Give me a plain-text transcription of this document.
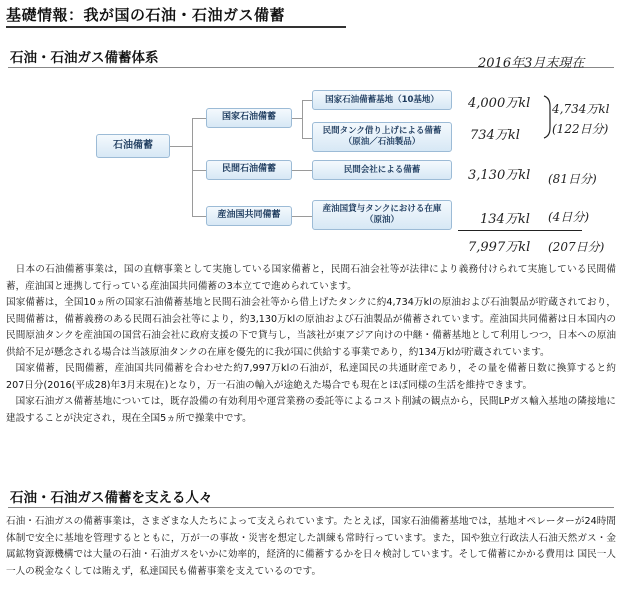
基礎情報：我が国の石油・石油ガス備蓄
石油・石油ガス備蓄体系	2016年3月末現在
石油備蓄
国家石油備蓄
民間石油備蓄
産油国共同備蓄
国家石油備蓄基地（10基地）
民間タンク借り上げによる備蓄
（原油／石油製品）
民間会社による備蓄
産油国貸与タンクにおける在庫
（原油）
4,000万kl
734万kl
4,734万kl
(122日分)
3,130万kl (81日分)
134万kl (4日分)
7,997万kl (207日分)

日本の石油備蓄事業は，国の直轄事業として実施している国家備蓄と，民間石油会社等が法律により義務付けられて実施している民間備蓄，産油国と連携して行っている産油国共同備蓄の3本立てで進められています。

国家備蓄は，全国10ヵ所の国家石油備蓄基地と民間石油会社等から借上げたタンクに約4,734万klの原油および石油製品が貯蔵されており，民間備蓄は，備蓄義務のある民間石油会社等により，約3,130万klの原油および石油製品が備蓄されています。産油国共同備蓄は日本国内の民間原油タンクを産油国の国営石油会社に政府支援の下で貸与し，当該社が東アジア向けの中継・備蓄基地として利用しつつ，日本への原油供給不足が懸念される場合は当該原油タンクの在庫を優先的に我が国に供給する事業であり，約134万klが貯蔵されています。

国家備蓄，民間備蓄，産油国共同備蓄を合わせた約7,997万klの石油が，私達国民の共通財産であり，その量を備蓄日数に換算すると約207日分(2016(平成28)年3月末現在)となり，万一石油の輸入が途絶えた場合でも現在とほぼ同様の生活を維持できます。

国家石油ガス備蓄基地については，既存設備の有効利用や運営業務の委託等によるコスト削減の観点から，民間LPガス輸入基地の隣接地に建設することが決定され，現在全国5ヵ所で操業中です。

石油・石油ガス備蓄を支える人々

石油・石油ガスの備蓄事業は，さまざまな人たちによって支えられています。たとえば，国家石油備蓄基地では，基地オペレーターが24時間体制で安全に基地を管理するとともに，万が一の事故・災害を想定した訓練も常時行っています。また，国や独立行政法人石油天然ガス・金属鉱物資源機構では大量の石油・石油ガスをいかに効率的，経済的に備蓄するかを日々検討しています。そして備蓄にかかる費用は 国民一人一人の税金なくしては賄えず，私達国民も備蓄事業を支えているのです。
